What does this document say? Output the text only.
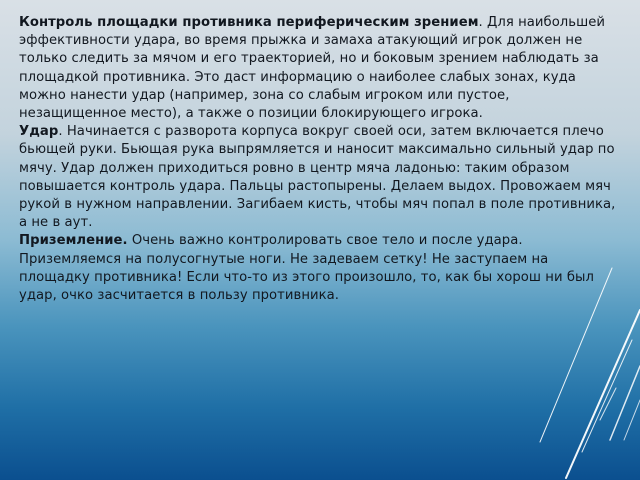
Контроль площадки противника периферическим зрением. Для наибольшей эффективности удара, во время прыжка и замаха атакующий игрок должен не только следить за мячом и его траекторией, но и боковым зрением наблюдать за площадкой противника. Это даст информацию о наиболее слабых зонах, куда можно нанести удар (например, зона со слабым игроком или пустое, незащищенное место), а также о позиции блокирующего игрока.

Удар. Начинается с разворота корпуса вокруг своей оси, затем включается плечо бьющей руки. Бьющая рука выпрямляется и наносит максимально сильный удар по мячу. Удар должен приходиться ровно в центр мяча ладонью: таким образом повышается контроль удара. Пальцы растопырены. Делаем выдох. Провожаем мяч рукой в нужном направлении. Загибаем кисть, чтобы мяч попал в поле противника, а не в аут.

Приземление. Очень важно контролировать свое тело и после удара. Приземляемся на полусогнутые ноги. Не задеваем сетку! Не заступаем на площадку противника! Если что-то из этого произошло, то, как бы хорош ни был удар, очко засчитается в пользу противника.
